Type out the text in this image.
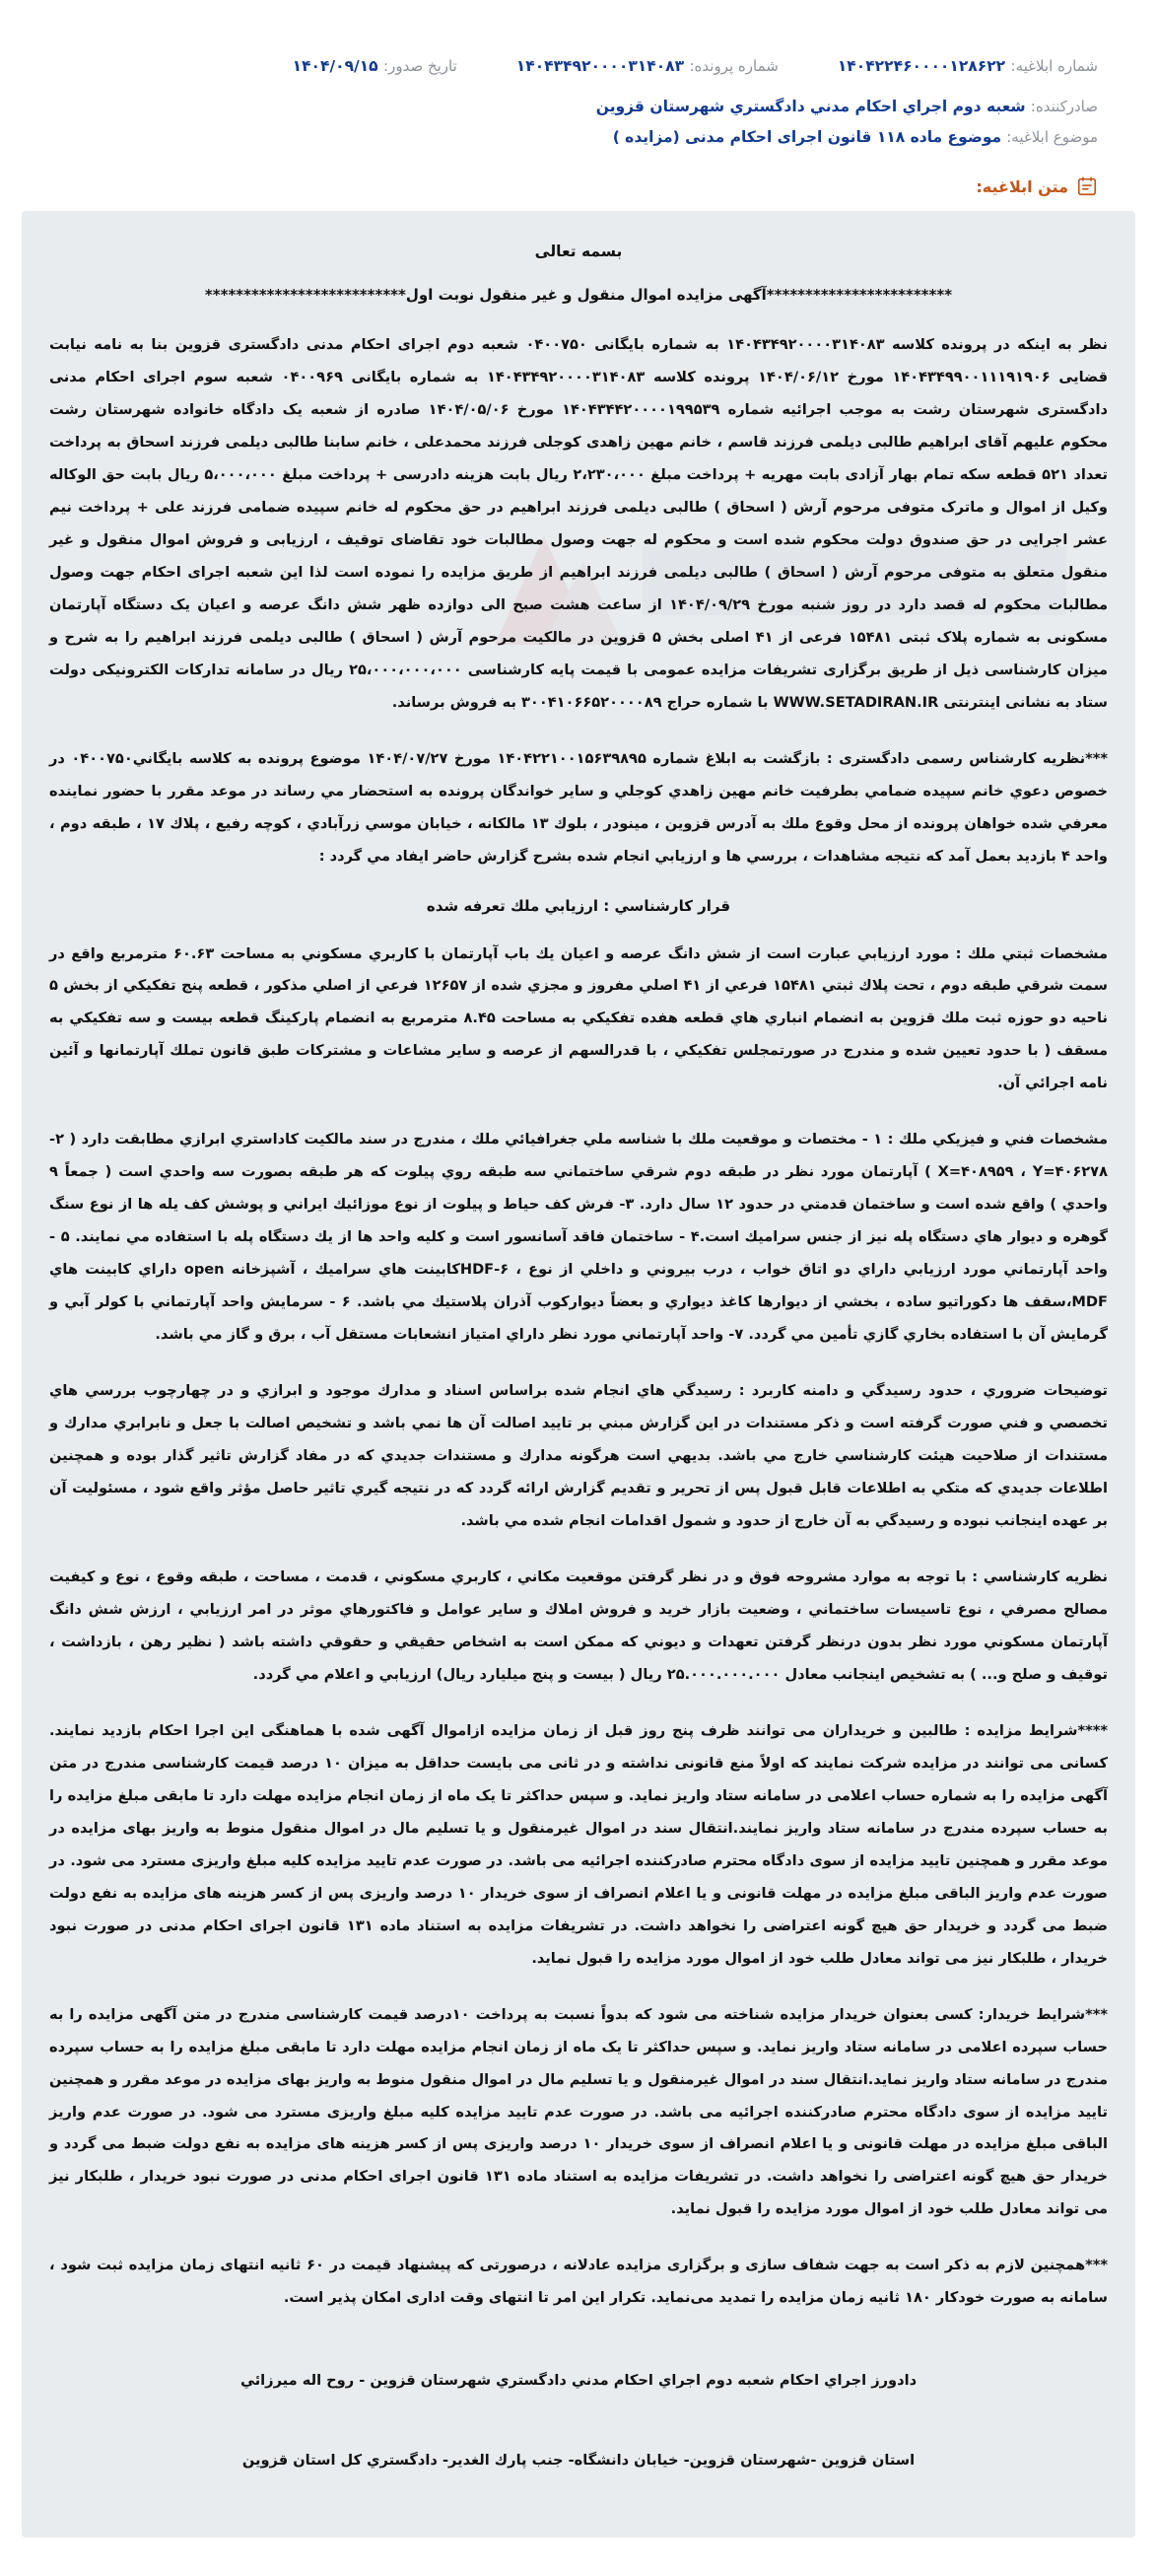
شماره ابلاغیه: ۱۴۰۴۲۲۴۶۰۰۰۰۱۲۸۶۲۲
شماره پرونده: ۱۴۰۴۳۴۹۲۰۰۰۰۳۱۴۰۸۳
تاریخ صدور: ۱۴۰۴/۰۹/۱۵
صادرکننده: شعبه دوم اجراي احکام مدني دادگستري شهرستان قزوین
موضوع ابلاغیه: موضوع ماده ۱۱۸ قانون اجرای احکام مدنی (مزایده )
متن ابلاغیه:
بسمه تعالی
************************آگهی مزایده اموال منقول و غیر منقول نوبت اول**************************

نظر به اینکه در پرونده کلاسه ۱۴۰۴۳۴۹۲۰۰۰۰۳۱۴۰۸۳ به شماره بایگانی ۰۴۰۰۷۵۰ شعبه دوم اجرای احکام مدنی دادگستری قزوین بنا به نامه نیابت قضایی ۱۴۰۴۳۴۹۹۰۰۱۱۱۹۱۹۰۶ مورخ ۱۴۰۴/۰۶/۱۲ پرونده کلاسه ۱۴۰۴۳۴۹۲۰۰۰۰۳۱۴۰۸۳ به شماره بایگانی ۰۴۰۰۹۶۹ شعبه سوم اجرای احکام مدنی دادگستری شهرستان رشت به موجب اجرائیه شماره ۱۴۰۴۳۴۴۲۰۰۰۰۱۹۹۵۳۹ مورخ ۱۴۰۴/۰۵/۰۶ صادره از شعبه یک دادگاه خانواده شهرستان رشت محکوم علیهم آقای ابراهیم طالبی دیلمی فرزند قاسم ، خانم مهین زاهدی کوجلی فرزند محمدعلی ، خانم سابنا طالبی دیلمی فرزند اسحاق به پرداخت تعداد ۵۲۱ قطعه سکه تمام بهار آزادی بابت مهریه + پرداخت مبلغ ۲،۲۳۰،۰۰۰ ریال بابت هزینه دادرسی + پرداخت مبلغ ۵،۰۰۰،۰۰۰ ریال بابت حق الوکاله وکیل از اموال و ماترک متوفی مرحوم آرش ( اسحاق ) طالبی دیلمی فرزند ابراهیم در حق محکوم له خانم سپیده ضمامی فرزند علی + پرداخت نیم عشر اجرایی در حق صندوق دولت محکوم شده است و محکوم له جهت وصول مطالبات خود تقاضای توقیف ، ارزیابی و فروش اموال منقول و غیر منقول متعلق به متوفی مرحوم آرش ( اسحاق ) طالبی دیلمی فرزند ابراهیم از طریق مزایده را نموده است لذا این شعبه اجرای احکام جهت وصول مطالبات محکوم له قصد دارد در روز شنبه مورخ ۱۴۰۴/۰۹/۲۹ از ساعت هشت صبح الی دوازده ظهر شش دانگ عرصه و اعیان یک دستگاه آپارتمان مسکونی به شماره پلاک ثبتی ۱۵۴۸۱ فرعی از ۴۱ اصلی بخش ۵ قزوین در مالکیت مرحوم آرش ( اسحاق ) طالبی دیلمی فرزند ابراهیم را به شرح و میزان کارشناسی ذیل از طریق برگزاری تشریفات مزایده عمومی با قیمت پایه کارشناسی ۲۵،۰۰۰،۰۰۰،۰۰۰ ریال در سامانه تدارکات الکترونیکی دولت ستاد به نشانی اینترنتی WWW.SETADIRAN.IR با شماره حراج ۳۰۰۴۱۰۶۶۵۲۰۰۰۰۸۹ به فروش برساند.

***نظریه کارشناس رسمی دادگستری : بازگشت به ابلاغ شماره ۱۴۰۴۲۲۱۰۰۱۵۶۳۹۸۹۵ مورخ ۱۴۰۴/۰۷/۲۷ موضوع پرونده به کلاسه بایگاني۰۴۰۰۷۵۰ در خصوص دعوي خانم سپیده ضمامي بطرفیت خانم مهین زاهدي کوجلي و سایر خواندگان پرونده به استحضار مي رساند در موعد مقرر با حضور نماینده معرفي شده خواهان پرونده از محل وقوع ملك به آدرس قزوین ، مینودر ، بلوك ۱۳ مالکانه ، خیابان موسي زرآبادي ، کوچه رفیع ، پلاك ۱۷ ، طبقه دوم ، واحد ۴ بازدید بعمل آمد که نتیجه مشاهدات ، بررسي ها و ارزیابي انجام شده بشرح گزارش حاضر ایفاد مي گردد :

قرار کارشناسي : ارزیابي ملك تعرفه شده

مشخصات ثبتي ملك : مورد ارزیابي عبارت است از شش دانگ عرصه و اعیان یك باب آپارتمان با کاربري مسکوني به مساحت ۶۰.۶۳ مترمربع واقع در سمت شرقي طبقه دوم ، تحت پلاك ثبتي ۱۵۴۸۱ فرعي از ۴۱ اصلي مفروز و مجزي شده از ۱۲۶۵۷ فرعي از اصلي مذکور ، قطعه پنج تفکیکي از بخش ۵ ناحیه دو حوزه ثبت ملك قزوین به انضمام انباري هاي قطعه هفده تفکیکي به مساحت ۸.۴۵ مترمربع به انضمام پارکینگ قطعه بیست و سه تفکیکي به مسقف ( با حدود تعیین شده و مندرج در صورتمجلس تفکیکي ، با قدرالسهم از عرصه و سایر مشاعات و مشترکات طبق قانون تملك آپارتمانها و آئین نامه اجرائي آن.

مشخصات فني و فیزیکي ملك : ۱ - مختصات و موقعیت ملك با شناسه ملي جغرافیائي ملك ، مندرج در سند مالکیت کاداستري ابرازي مطابقت دارد ( ۲- X=۴۰۸۹۵۹ ، Y=۴۰۶۲۷۸ ) آپارتمان مورد نظر در طبقه دوم شرقي ساختماني سه طبقه روي پیلوت که هر طبقه بصورت سه واحدي است ( جمعاً ۹ واحدي ) واقع شده است و ساختمان قدمتي در حدود ۱۲ سال دارد. ۳- فرش کف حیاط و پیلوت از نوع موزائیك ایراني و پوشش کف یله ها از نوع سنگ گوهره و دیوار هاي دستگاه پله نیز از جنس سرامیك است.۴ - ساختمان فاقد آسانسور است و کلیه واحد ها از یك دستگاه پله با استفاده مي نمایند. ۵ - واحد آپارتماني مورد ارزیابي داراي دو اتاق خواب ، درب بیروني و داخلي از نوع ، ۶-HDFکابینت هاي سرامیك ، آشپزخانه open داراي کابینت هاي MDF،سقف ها دکوراتیو ساده ، بخشي از دیوارها کاغذ دیواري و بعضاً دیوارکوب آذران پلاستیك مي باشد. ۶ - سرمایش واحد آپارتماني با کولر آبي و گرمایش آن با استفاده بخاري گازي تأمین مي گردد. ۷- واحد آپارتماني مورد نظر داراي امتیاز انشعابات مستقل آب ، برق و گاز مي باشد.

توضیحات ضروري ، حدود رسیدگي و دامنه کاربرد : رسیدگي هاي انجام شده براساس اسناد و مدارك موجود و ابرازي و در چهارچوب بررسي هاي تخصصي و فني صورت گرفته است و ذکر مستندات در این گزارش مبني بر تایید اصالت آن ها نمي باشد و تشخیص اصالت با جعل و نابرابري مدارك و مستندات از صلاحیت هیئت کارشناسي خارج مي باشد. بدیهي است هرگونه مدارك و مستندات جدیدي که در مفاد گزارش تاثیر گذار بوده و همچنین اطلاعات جدیدي که متکي به اطلاعات قابل قبول پس از تحریر و تقدیم گزارش ارائه گردد که در نتیجه گیري تاثیر حاصل مؤثر واقع شود ، مسئولیت آن بر عهده اینجانب نبوده و رسیدگي به آن خارج از حدود و شمول اقدامات انجام شده مي باشد.

نظریه کارشناسي : با توجه به موارد مشروحه فوق و در نظر گرفتن موقعیت مکاني ، کاربري مسکوني ، قدمت ، مساحت ، طبقه وقوع ، نوع و کیفیت مصالح مصرفي ، نوع تاسیسات ساختماني ، وضعیت بازار خرید و فروش املاك و سایر عوامل و فاکتورهاي موثر در امر ارزیابي ، ارزش شش دانگ آپارتمان مسکوني مورد نظر بدون درنظر گرفتن تعهدات و دیوني که ممکن است به اشخاص حقیقي و حقوقي داشته باشد ( نظیر رهن ، بازداشت ، توقیف و صلح و... ) به تشخیص اینجانب معادل ۲۵.۰۰۰.۰۰۰.۰۰۰ ریال ( بیست و پنج میلیارد ریال) ارزیابي و اعلام مي گردد.

****شرایط مزایده : طالبین و خریداران می توانند ظرف پنج روز قبل از زمان مزایده ازاموال آگهی شده با هماهنگی این اجرا احکام بازدید نمایند. کسانی می توانند در مزایده شرکت نمایند که اولاً منع قانونی نداشته و در ثانی می بایست حداقل به میزان ۱۰ درصد قیمت کارشناسی مندرج در متن آگهی مزایده را به شماره حساب اعلامی در سامانه ستاد واریز نماید. و سپس حداکثر تا یک ماه از زمان انجام مزایده مهلت دارد تا مابقی مبلغ مزایده را به حساب سپرده مندرج در سامانه ستاد واریز نمایند.انتقال سند در اموال غیرمنقول و یا تسلیم مال در اموال منقول منوط به واریز بهای مزایده در موعد مقرر و همچنین تایید مزایده از سوی دادگاه محترم صادرکننده اجرائیه می باشد. در صورت عدم تایید مزایده کلیه مبلغ واریزی مسترد می شود. در صورت عدم واریز الباقی مبلغ مزایده در مهلت قانونی و یا اعلام انصراف از سوی خریدار ۱۰ درصد واریزی پس از کسر هزینه های مزایده به نفع دولت ضبط می گردد و خریدار حق هیچ گونه اعتراضی را نخواهد داشت. در تشریفات مزایده به استناد ماده ۱۳۱ قانون اجرای احکام مدنی در صورت نبود خریدار ، طلبکار نیز می تواند معادل طلب خود از اموال مورد مزایده را قبول نماید.

***شرایط خریدار: کسی بعنوان خریدار مزایده شناخته می شود که بدواً نسبت به پرداخت ۱۰درصد قیمت کارشناسی مندرج در متن آگهی مزایده را به حساب سپرده اعلامی در سامانه ستاد واریز نماید. و سپس حداکثر تا یک ماه از زمان انجام مزایده مهلت دارد تا مابقی مبلغ مزایده را به حساب سپرده مندرج در سامانه ستاد واریز نماید.انتقال سند در اموال غیرمنقول و یا تسلیم مال در اموال منقول منوط به واریز بهای مزایده در موعد مقرر و همچنین تایید مزایده از سوی دادگاه محترم صادرکننده اجرائیه می باشد. در صورت عدم تایید مزایده کلیه مبلغ واریزی مسترد می شود. در صورت عدم واریز الباقی مبلغ مزایده در مهلت قانونی و یا اعلام انصراف از سوی خریدار ۱۰ درصد واریزی پس از کسر هزینه های مزایده به نفع دولت ضبط می گردد و خریدار حق هیچ گونه اعتراضی را نخواهد داشت. در تشریفات مزایده به استناد ماده ۱۳۱ قانون اجرای احکام مدنی در صورت نبود خریدار ، طلبکار نیز می تواند معادل طلب خود از اموال مورد مزایده را قبول نماید.

***همچنین لازم به ذکر است به جهت شفاف سازی و برگزاری مزایده عادلانه ، درصورتی که پیشنهاد قیمت در ۶۰ ثانیه انتهای زمان مزایده ثبت شود ، سامانه به صورت خودکار ۱۸۰ ثانیه زمان مزایده را تمدید می‌نماید. تکرار این امر تا انتهای وقت اداری امکان پذیر است.

دادورز اجراي احکام شعبه دوم اجراي احکام مدني دادگستري شهرستان قزوین - روح اله میرزائي
استان قزوین -شهرستان قزوین- خیابان دانشگاه- جنب پارك الغدیر- دادگستري کل استان قزوین
